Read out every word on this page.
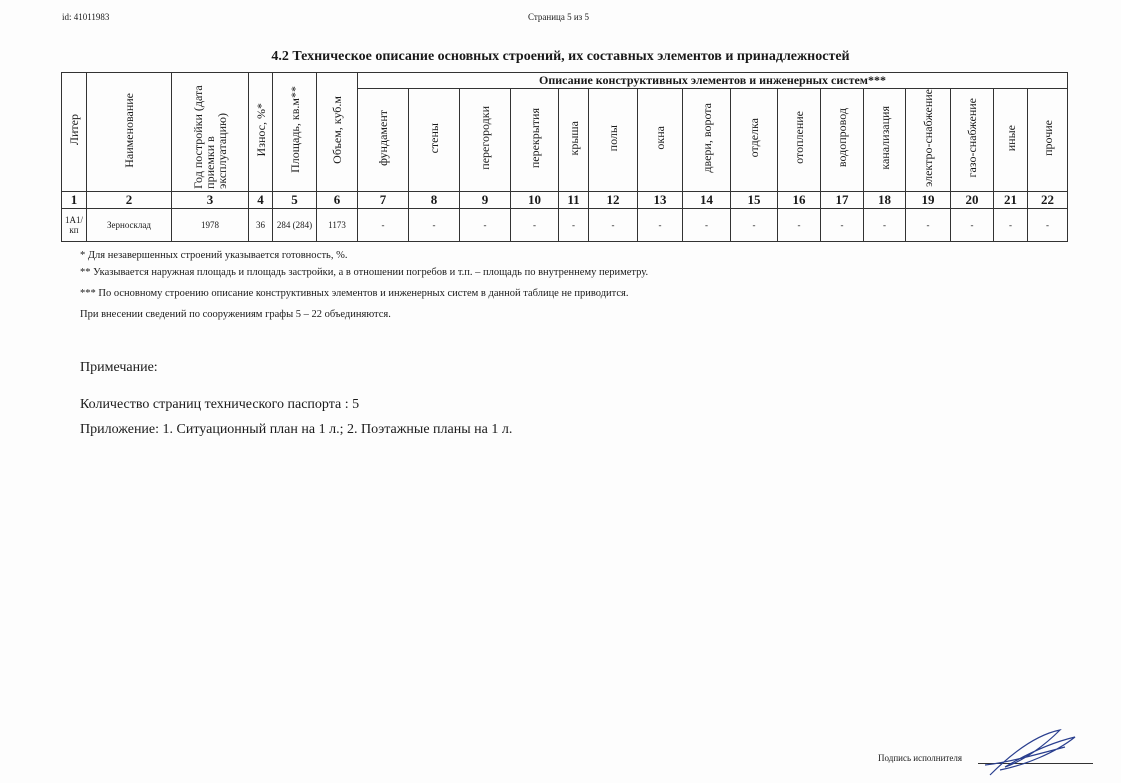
id: 41011983	Страница 5 из 5
4.2 Техническое описание основных строений, их составных элементов и принадлежностей
Литер	Наименование	Год постройки (дата приемки в эксплуатацию)	Износ, %*	Площадь, кв.м**	Объем, куб.м	Описание конструктивных элементов и инженерных систем***															
						фундамент	стены	перегородки	перекрытия	крыша	полы	окна	двери, ворота	отделка	отопление	водопровод	канализация	электро-снабжение	газо-снабжение	иные	прочие
1	2	3	4	5	6	7	8	9	10	11	12	13	14	15	16	17	18	19	20	21	22
1А1/кп	Зерносклад	1978	36	284 (284)	1173	-	-	-	-	-	-	-	-	-	-	-	-	-	-	-	-
* Для незавершенных строений указывается готовность, %.
** Указывается наружная площадь и площадь застройки, а в отношении погребов и т.п. – площадь по внутреннему периметру.
*** По основному строению описание конструктивных элементов и инженерных систем в данной таблице не приводится.
При внесении сведений по сооружениям графы 5 – 22 объединяются.
Примечание:
Количество страниц технического паспорта : 5
Приложение: 1. Ситуационный план на 1 л.; 2. Поэтажные планы на 1 л.
Подпись исполнителя
